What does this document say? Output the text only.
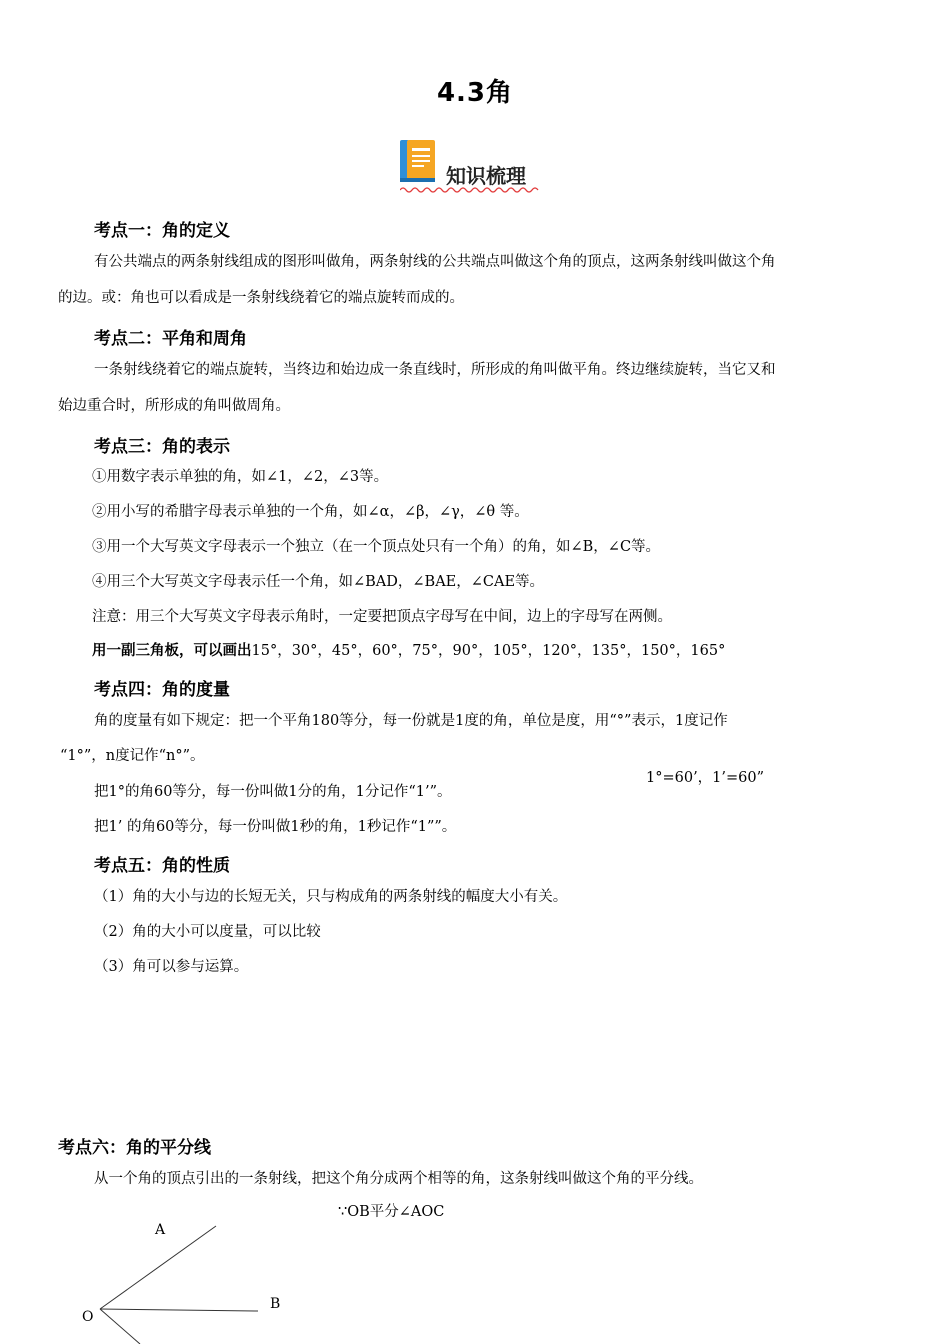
4.3角
知识梳理
考点一：角的定义
有公共端点的两条射线组成的图形叫做角，两条射线的公共端点叫做这个角的顶点，这两条射线叫做这个角
的边。或：角也可以看成是一条射线绕着它的端点旋转而成的。
考点二：平角和周角
一条射线绕着它的端点旋转，当终边和始边成一条直线时，所形成的角叫做平角。终边继续旋转，当它又和
始边重合时，所形成的角叫做周角。
考点三：角的表示
①用数字表示单独的角，如∠1，∠2，∠3等。
②用小写的希腊字母表示单独的一个角，如∠α，∠β，∠γ，∠θ 等。
③用一个大写英文字母表示一个独立（在一个顶点处只有一个角）的角，如∠B，∠C等。
④用三个大写英文字母表示任一个角，如∠BAD，∠BAE，∠CAE等。
注意：用三个大写英文字母表示角时，一定要把顶点字母写在中间，边上的字母写在两侧。
用一副三角板，可以画出15°，30°，45°，60°，75°，90°，105°，120°，135°，150°，165°
考点四：角的度量
角的度量有如下规定：把一个平角180等分，每一份就是1度的角，单位是度，用“°”表示，1度记作
“1°”，n度记作“n°”。
1°=60’，1’=60”
把1°的角60等分，每一份叫做1分的角，1分记作“1’”。
把1’ 的角60等分，每一份叫做1秒的角，1秒记作“1””。
考点五：角的性质
（1）角的大小与边的长短无关，只与构成角的两条射线的幅度大小有关。
（2）角的大小可以度量，可以比较
（3）角可以参与运算。
考点六：角的平分线
从一个角的顶点引出的一条射线，把这个角分成两个相等的角，这条射线叫做这个角的平分线。
∵OB平分∠AOC
A
B
O
